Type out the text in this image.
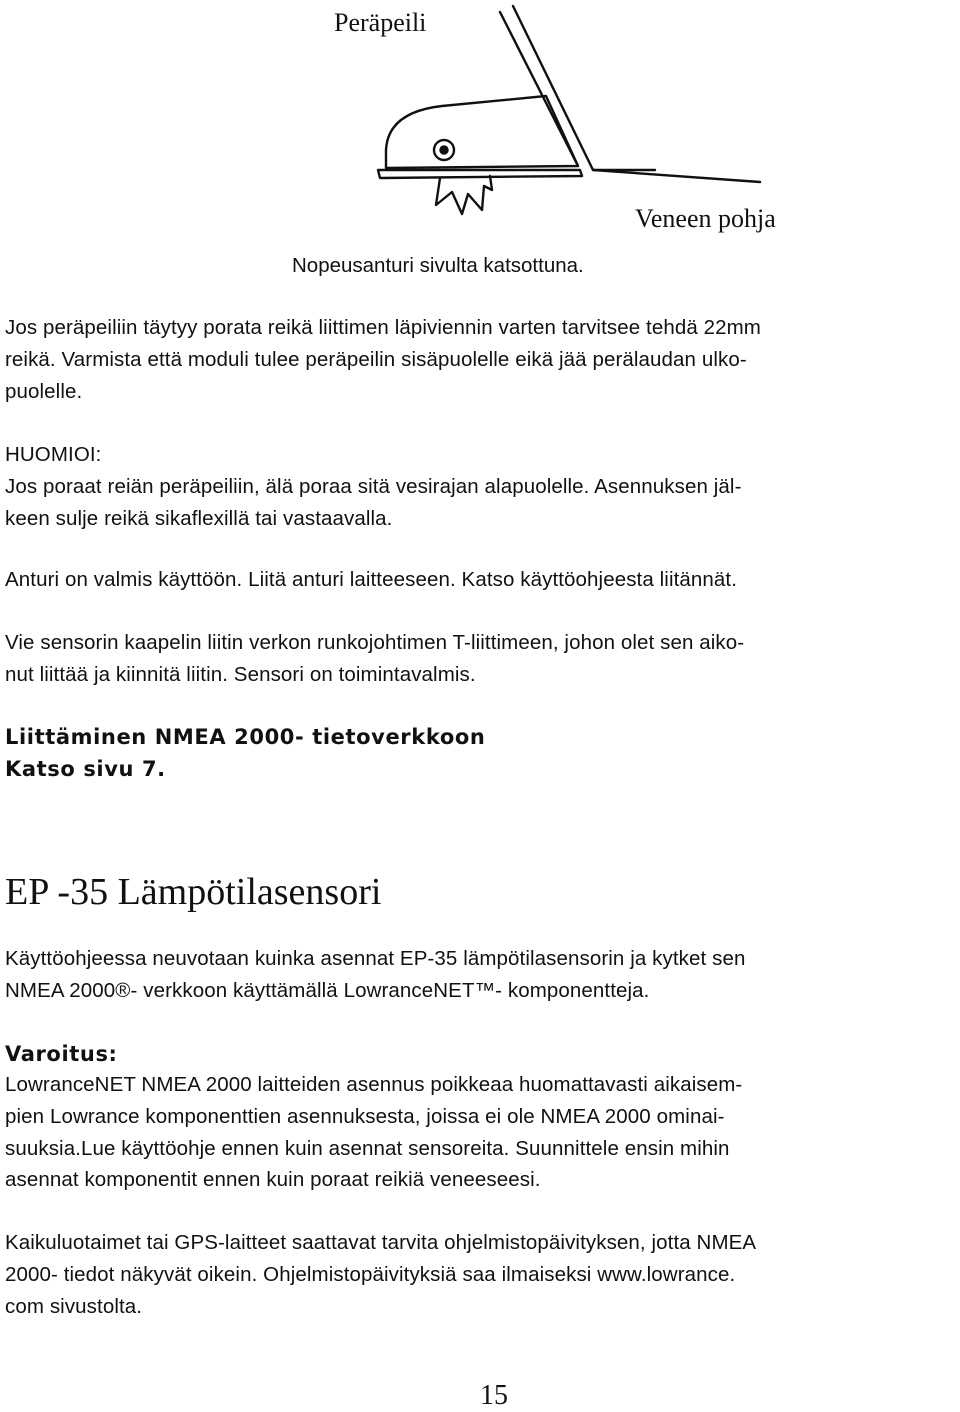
Peräpeili
Veneen pohja
Nopeusanturi sivulta katsottuna.
Jos peräpeiliin täytyy porata reikä liittimen läpiviennin varten tarvitsee tehdä 22mm
reikä. Varmista että moduli tulee peräpeilin sisäpuolelle eikä jää perälaudan ulko-
puolelle.
HUOMIOI:
Jos poraat reiän peräpeiliin, älä poraa sitä vesirajan alapuolelle. Asennuksen jäl-
keen sulje reikä sikaflexillä tai vastaavalla.
Anturi on valmis käyttöön. Liitä anturi laitteeseen. Katso käyttöohjeesta liitännät.
Vie sensorin kaapelin liitin verkon runkojohtimen T-liittimeen, johon olet sen aiko-
nut liittää ja kiinnitä liitin. Sensori on toimintavalmis.
Liittäminen NMEA 2000- tietoverkkoon
Katso sivu 7.
EP -35 Lämpötilasensori
Käyttöohjeessa neuvotaan kuinka asennat EP-35 lämpötilasensorin ja kytket sen
NMEA 2000®- verkkoon käyttämällä LowranceNET™- komponentteja.
Varoitus:
LowranceNET NMEA 2000 laitteiden asennus poikkeaa huomattavasti aikaisem-
pien Lowrance komponenttien asennuksesta, joissa ei ole NMEA 2000 ominai-
suuksia.Lue käyttöohje ennen kuin asennat sensoreita. Suunnittele ensin mihin
asennat komponentit ennen kuin poraat reikiä veneeseesi.
Kaikuluotaimet tai GPS-laitteet saattavat tarvita ohjelmistopäivityksen, jotta NMEA
2000- tiedot näkyvät oikein. Ohjelmistopäivityksiä saa ilmaiseksi www.lowrance.
com sivustolta.
15
